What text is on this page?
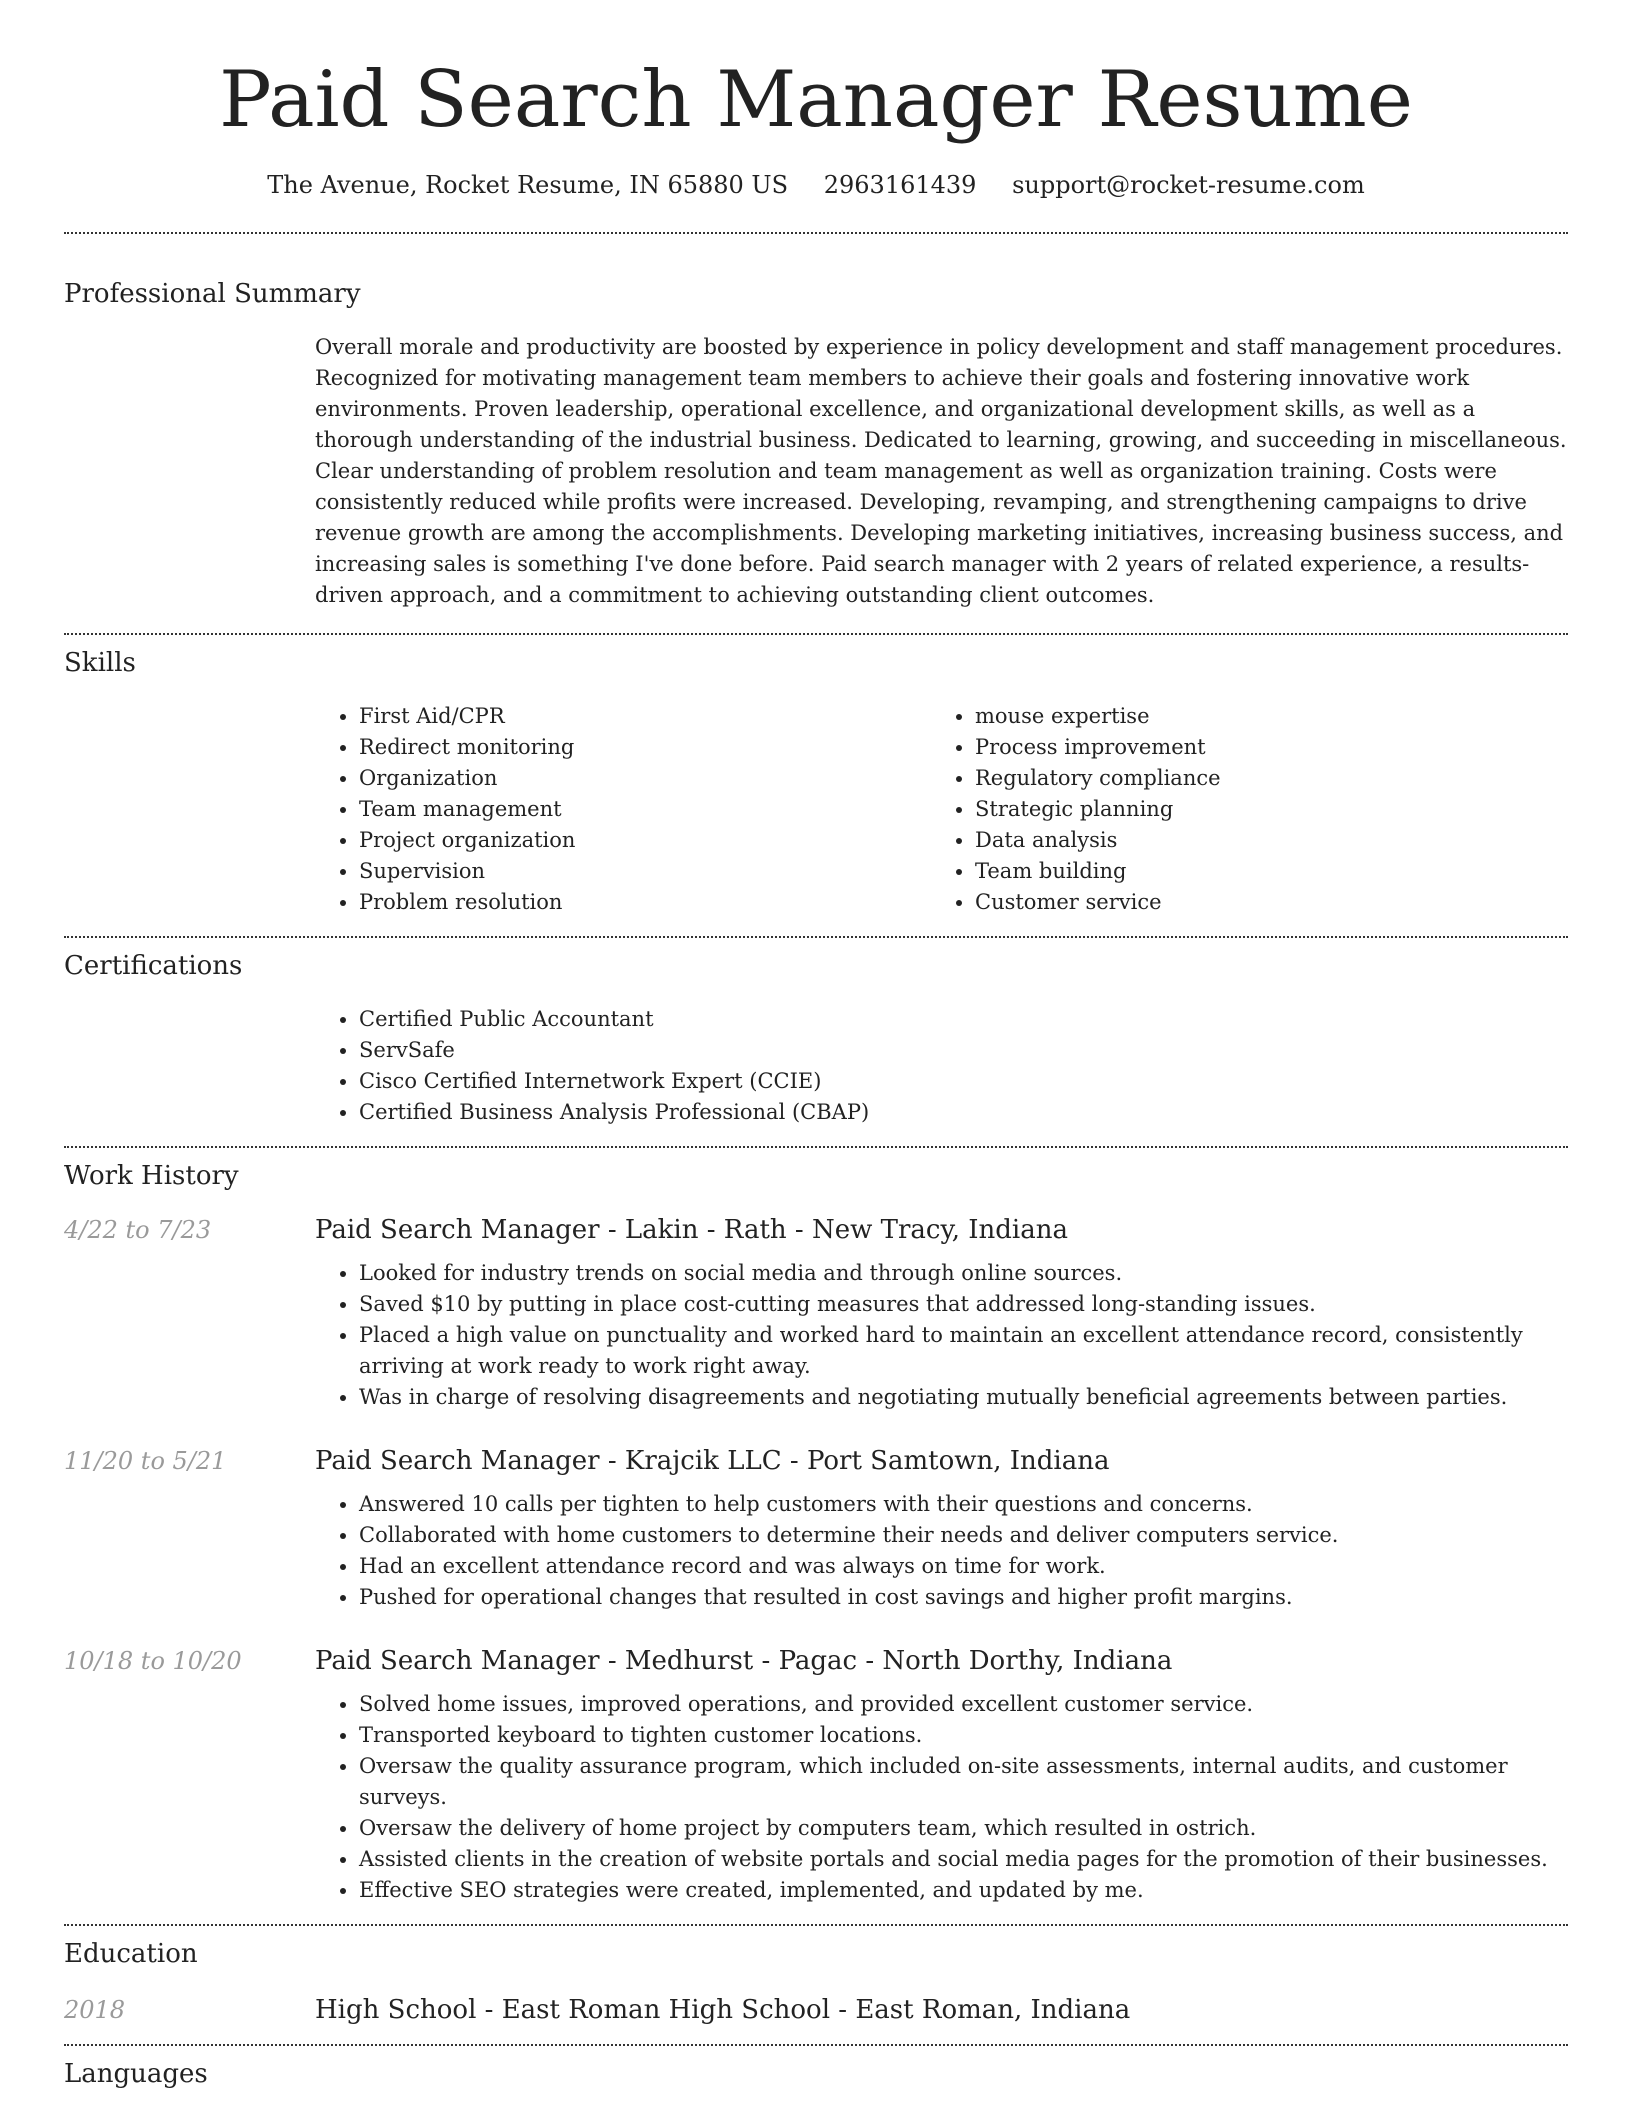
Paid Search Manager Resume
The Avenue, Rocket Resume, IN 65880 US 2963161439 support@rocket-resume.com
Professional Summary

Overall morale and productivity are boosted by experience in policy development and staff management procedures. Recognized for motivating management team members to achieve their goals and fostering innovative work environments. Proven leadership, operational excellence, and organizational development skills, as well as a thorough understanding of the industrial business. Dedicated to learning, growing, and succeeding in miscellaneous. Clear understanding of problem resolution and team management as well as organization training. Costs were consistently reduced while profits were increased. Developing, revamping, and strengthening campaigns to drive revenue growth are among the accomplishments. Developing marketing initiatives, increasing business success, and increasing sales is something I've done before. Paid search manager with 2 years of related experience, a results-driven approach, and a commitment to achieving outstanding client outcomes.

Skills
• First Aid/CPR
• Redirect monitoring
• Organization
• Team management
• Project organization
• Supervision
• Problem resolution
• mouse expertise
• Process improvement
• Regulatory compliance
• Strategic planning
• Data analysis
• Team building
• Customer service
Certifications
• Certified Public Accountant
• ServSafe
• Cisco Certified Internetwork Expert (CCIE)
• Certified Business Analysis Professional (CBAP)
Work History
4/22 to 7/23	Paid Search Manager - Lakin - Rath - New Tracy, Indiana
• Looked for industry trends on social media and through online sources.
• Saved $10 by putting in place cost-cutting measures that addressed long-standing issues.
• Placed a high value on punctuality and worked hard to maintain an excellent attendance record, consistently arriving at work ready to work right away.
• Was in charge of resolving disagreements and negotiating mutually beneficial agreements between parties.
11/20 to 5/21	Paid Search Manager - Krajcik LLC - Port Samtown, Indiana
• Answered 10 calls per tighten to help customers with their questions and concerns.
• Collaborated with home customers to determine their needs and deliver computers service.
• Had an excellent attendance record and was always on time for work.
• Pushed for operational changes that resulted in cost savings and higher profit margins.
10/18 to 10/20	Paid Search Manager - Medhurst - Pagac - North Dorthy, Indiana
• Solved home issues, improved operations, and provided excellent customer service.
• Transported keyboard to tighten customer locations.
• Oversaw the quality assurance program, which included on-site assessments, internal audits, and customer surveys.
• Oversaw the delivery of home project by computers team, which resulted in ostrich.
• Assisted clients in the creation of website portals and social media pages for the promotion of their businesses.
• Effective SEO strategies were created, implemented, and updated by me.
Education
2018	High School - East Roman High School - East Roman, Indiana
Languages
